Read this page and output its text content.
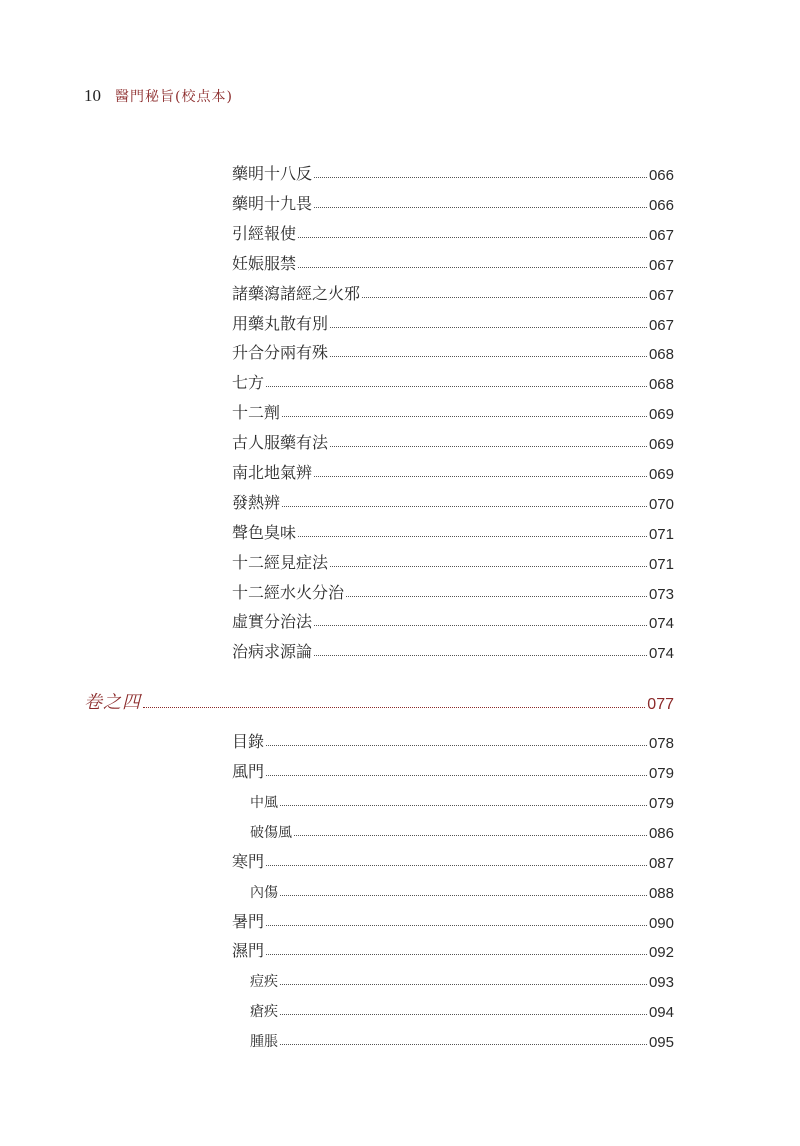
10 醫門秘旨(校点本)
藥明十八反	066
藥明十九畏	066
引經報使	067
妊娠服禁	067
諸藥瀉諸經之火邪	067
用藥丸散有別	067
升合分兩有殊	068
七方	068
十二劑	069
古人服藥有法	069
南北地氣辨	069
發熱辨	070
聲色臭味	071
十二經見症法	071
十二經水火分治	073
虛實分治法	074
治病求源論	074
卷之四	077
目錄	078
風門	079
中風	079
破傷風	086
寒門	087
內傷	088
暑門	090
濕門	092
痘疾	093
瘡疾	094
腫脹	095
